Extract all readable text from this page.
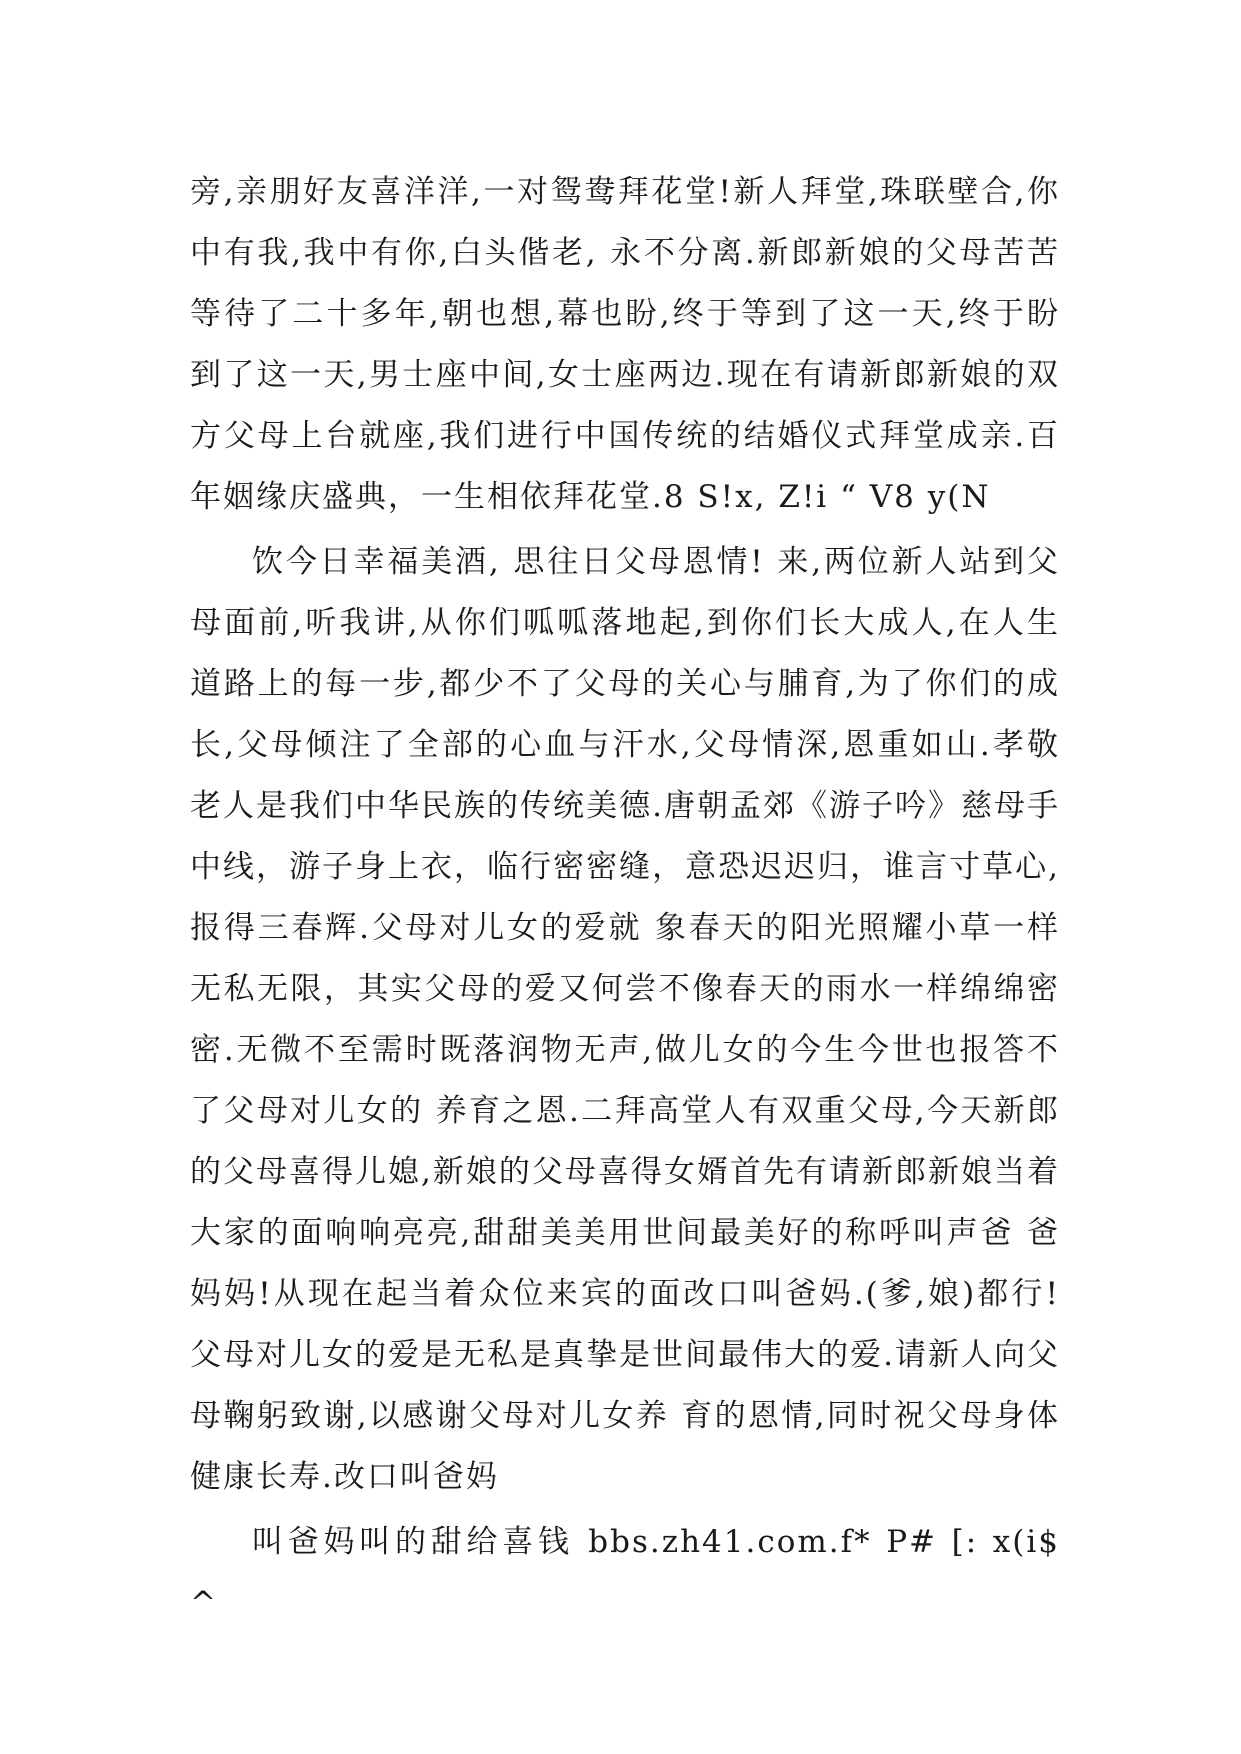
旁,亲朋好友喜洋洋,一对鸳鸯拜花堂!新人拜堂,珠联壁合,你中有我,我中有你,白头偕老, 永不分离.新郎新娘的父母苦苦等待了二十多年,朝也想,幕也盼,终于等到了这一天,终于盼到了这一天,男士座中间,女士座两边.现在有请新郎新娘的双方父母上台就座,我们进行中国传统的结婚仪式拜堂成亲.百年姻缘庆盛典，一生相依拜花堂.8 S!x, Z!i “ V8 y(N

饮今日幸福美酒, 思往日父母恩情! 来,两位新人站到父母面前,听我讲,从你们呱呱落地起,到你们长大成人,在人生道路上的每一步,都少不了父母的关心与脯育,为了你们的成长,父母倾注了全部的心血与汗水,父母情深,恩重如山.孝敬老人是我们中华民族的传统美德.唐朝孟郊《游子吟》慈母手中线，游子身上衣，临行密密缝，意恐迟迟归，谁言寸草心,报得三春辉.父母对儿女的爱就 象春天的阳光照耀小草一样无私无限，其实父母的爱又何尝不像春天的雨水一样绵绵密密.无微不至需时既落润物无声,做儿女的今生今世也报答不了父母对儿女的 养育之恩.二拜高堂人有双重父母,今天新郎的父母喜得儿媳,新娘的父母喜得女婿首先有请新郎新娘当着大家的面响响亮亮,甜甜美美用世间最美好的称呼叫声爸 爸妈妈!从现在起当着众位来宾的面改口叫爸妈.(爹,娘)都行!父母对儿女的爱是无私是真挚是世间最伟大的爱.请新人向父母鞠躬致谢,以感谢父母对儿女养 育的恩情,同时祝父母身体健康长寿.改口叫爸妈

叫爸妈叫的甜给喜钱 bbs.zh41.com.f* P# [: x(i$ ^
